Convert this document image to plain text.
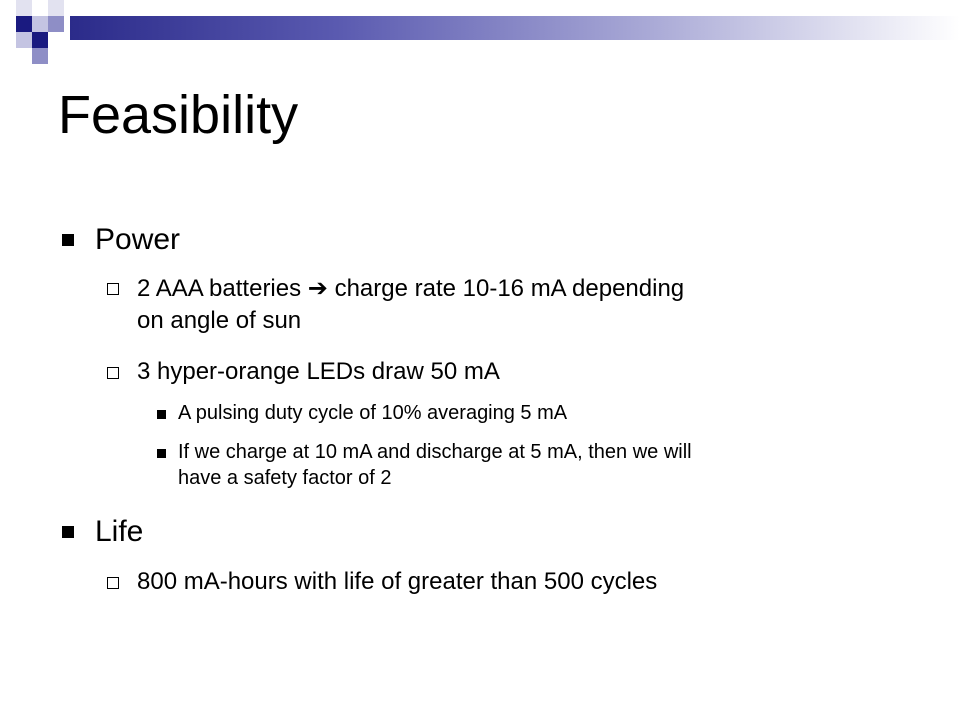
Feasibility
Power
2 AAA batteries ➔ charge rate 10-16 mA depending
on angle of sun
3 hyper-orange LEDs draw 50 mA
A pulsing duty cycle of 10% averaging 5 mA
If we charge at 10 mA and discharge at 5 mA, then we will
have a safety factor of 2
Life
800 mA-hours with life of greater than 500 cycles
